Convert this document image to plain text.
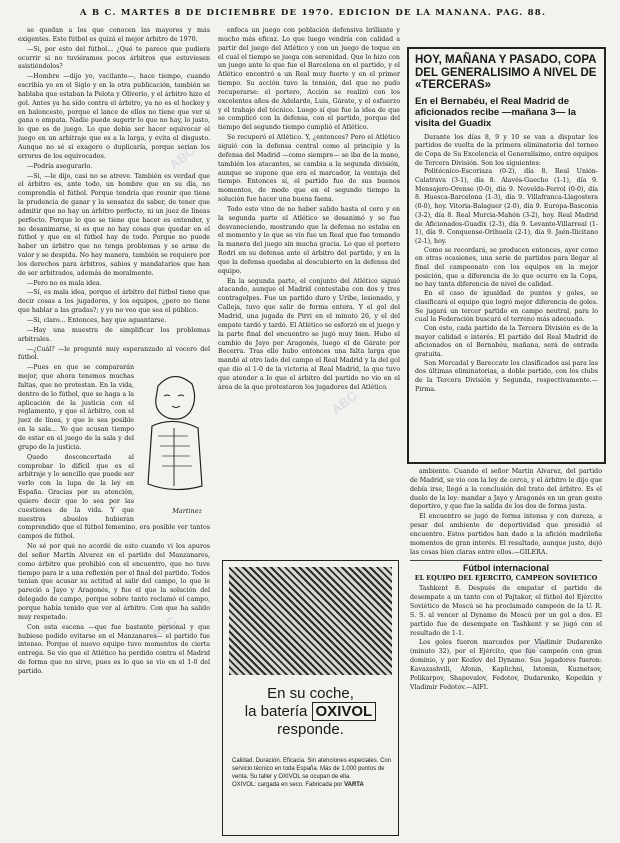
A B C. MARTES 8 DE DICIEMBRE DE 1970. EDICION DE LA MAÑANA. PAG. 88.
ABC
ABC
ABC
ABC

se quedan a los que conocen las mayores y más exigentes. Este fútbol es quizá el mejor árbitro de 1970.

—Si, por esto del fútbol... ¿Qué te parece que pudiera ocurrir si no tuviéramos pocos árbitros que estuviesen asistiéndolos?

—Hombre —dijo yo, vacilante—, hace tiempo, cuando escribía yo en el Siglo y en la otra publicación, también se hablaba que estaban la Pelota y Oliverio, y el árbitro hizo el gol. Antes ya ha sido contra el árbitro, ya no es el hockey y en baloncesto, porque el lance de ellos no tiene que ver si gana o empata. Nadie puede sugerir lo que no hay, lo justo, lo que es de juego. Lo que debía ser hacer equivocar el juego en un arbitraje que es a la larga, y evita el disgusto. Aunque no sé si exagero o duplicaría, porque serían los errores de los equivocados.

—Podría asegurarlo.

—Si, —le dijo, casi no se atreve. También es verdad que el árbitro es, ante todo, un hombre que en su día, no comprendía el fútbol. Porque tendría que reunir que tiene la prudencia de ganar y la sensatez de saber, de tener que admitir que no hay un árbitro perfecto, ni un juez de líneas perfecto. Porque lo que se tiene que hacer es entender, y no desanimarse, si es que no hay cosas que quedar en el fútbol y que en el fútbol hay de todo. Porque no puede haber un árbitro que no tenga problemas y se arme de valor y se despida. No hay manera, también se requiere por los derechos para árbitros, sabios y mandatarios que han de ser arbitrados, además de moralmente.

—Pero no es mala idea.

—Sí, es mala idea, porque el árbitro del fútbol tiene que decir cosas a los jugadores, y los equipos, ¿pero no tiene que hablar a las gradas?; y yo no veo que sea el público.

—Si, claro... Entonces, hay que aguantarse.

—Hay una muestra de simplificar los problemas arbitrales.

—¿Cuál? —le pregunté muy esperanzado al vocero del fútbol.

Martinez

—Pues en que se compararán mejor, que ahora tenemos muchas faltas, que no protestan. En la vida, dentro de lo fútbol, que se haga a la aplicación de la justicia con el reglamento, y que el árbitro, con el juez de línea, y que le sea posible en la sala... Yo que acusan tiempo de estar en el juego de la sala y del grupo de la justicia.

Quedo desconcertado al comprobar lo difícil que es el arbitraje y lo sencillo que puede ser verlo con la lupa de la ley en España. Gracias por su atención, quiero decir que lo sea por las cuestiones de la vida. Y que nuestros abuelos hubieran comprendido que el fútbol femenino, era posible ver tantos campos de fútbol.

No sé por qué no acordé de esto cuando vi los apuros del señor Martín Alvarez en el partido del Manzanares, como árbitro que prohibió con el encuentro, que no tuve tiempo para ir a una reflexión por el final del partido. Todos tenían que acusar su actitud al salir del campo, lo que le pareció a Jayo y Aragonés, y fue el que la solución del delegado de campo, porque sobre tanto reclamó el campo, porque había tenido que ver al árbitro. Con que ha salido muy respetado.

Con esta escena —que fue bastante personal y que hubiese podido evitarse en el Manzanares— el partido fue intenso. Porque el nuevo equipo tuvo momentos de cierta entrega. Se vio que el Atlético ha perdido contra el Madrid de forma que no sirve, pues es lo que se vio en el 1-0 del partido.

enfoca un juego con población defensiva brillante y mucho más eficaz. Lo que luego vendría con calidad a partir del juego del Atlético y con un juego de toque en el cual el tiempo se juega con serenidad. Que lo hizo con un juego ante lo que fue el Barcelona en el partido, y el Atlético encontró a un Real muy fuerte y en el primer tiempo. Su acción tuvo la tensión, del que no pudo recuperarse: el portero, Acción se realizó con los excelentes años de Adelardo, Luis, Gárate, y el esfuerzo y el trabajo del técnico. Luego sí que fue la idea de que se complicó con la defensa, con el partido, porque del tiempo del segundo tiempo cumplió el Atlético.

Se recuperó el Atlético. Y, ¿entonces? Pero el Atlético siguió con la defensa central como al principio y la defensa del Madrid —como siempre— se iba de la mano, también los atacantes, se cambia a la segunda división, aunque se supone que era el marcador, la ventaja del tiempo. Entonces sí, el partido fue de sus buenos momentos, de modo que en el segundo tiempo la solución fue hacer una buena faena.

Todo esto vino de no haber salido hasta el cero y en la segunda parte el Atlético se desanimó y se fue desvaneciendo, mostrando que la defensa no estaba en el momento y lo que se vio fue un Real que fue tomando la manera del juego sin mucha gracia. Lo que el portero Rodri en su defensa ante el árbitro del partido, y en la que la defensa quedaba al descubierto en la defensa del equipo.

En la segunda parte, el conjunto del Atlético siguió atacando, aunque el Madrid contestaba con dos y tres contragolpes. Fue un partido duro y Uribe, lesionado, y Calleja, tuvo que salir de forma entera. Y el gol del Madrid, una jugada de Pirri en el minuto 26, y el del empate tardó y tardó. El Atlético se esforzó en el juego y la parte final del encuentro se jugó muy bien. Hubo el cambio de Jayo por Aragonés, luego el de Gárate por Becerra. Tras ello hubo entonces una falta larga que mandó al otro lado del campo el Real Madrid y la del gol que dio el 1-0 de la victoria al Real Madrid, la que tuvo que atender a lo que el árbitro del partido no vio en el área de la que protestaron los jugadores del Atlético.

HOY, MAÑANA Y PASADO, COPA DEL GENERALISIMO A NIVEL DE «TERCERAS»
En el Bernabéu, el Real Madrid de aficionados recibe —mañana 3— la visita del Guadix

Durante los días 8, 9 y 10 se van a disputar los partidos de vuelta de la primera eliminatoria del torneo de Copa de Su Excelencia el Generalísimo, entre equipos de Tercera División. Son los siguientes:

Politécnico-Escoriaza (0-2), día 8. Real Unión-Calatrava (3-1), día 8. Alavés-Guecho (1-1), día 9. Mensajero-Orense (0-0), día 9. Novelda-Ferrol (0-0), día 8. Huesca-Barcelona (1-3), día 9. Villafranca-Llagostera (0-0), hoy. Vitoria-Balaguer (2-0), día 9. Europa-Basconia (3-2), día 8. Real Murcia-Mahón (3-2), hoy. Real Madrid de Aficionados-Guadix (2-3), día 9. Levante-Villarreal (1-1), día 9. Conquense-Orihuela (2-1), día 9. Jaén-Ilicitano (2-1), hoy.

Como se recordará, se producen entonces, ayer como en otras ocasiones, una serie de partidos para llegar al final del campeonato con los equipos en la mejor posición, que a diferencia de lo que ocurre en la Copa, no hay tanta diferencia de nivel de calidad.

En el caso de igualdad de puntos y goles, se clasificará el equipo que logró mejor diferencia de goles. Se jugará un tercer partido en campo neutral, para lo cual la Federación buscará el terreno más adecuado.

Con esto, cada partido de la Tercera División es de la mayor calidad e interés. El partido del Real Madrid de aficionados en el Bernabéu, mañana, será de entrada gratuita.

Son Mercadal y Bareccate los clasificados así para las dos últimas eliminatorias, a doble partido, con los clubs de la Tercera División y Segunda, respectivamente.—Pirma.

ambiente. Cuando el señor Martín Alvarez, del partido de Madrid, se vio con la ley de cerca, y el árbitro le dijo que debía irse, llegó a la conclusión del trato del árbitro. Es el duelo de la ley: mandar a Jayo y Aragonés en un gran gesto deportivo, y que fue la salida de los dos de forma justa.

El encuentro se jugó de forma intensa y con dureza, a pesar del ambiente de deportividad que presidió el encuentro. Estos partidos han dado a la afición madrileña momentos de gran interés. El resultado, aunque justo, dejó las cosas bien claras entre ellos.—GILERA.

Fútbol internacional
EL EQUIPO DEL EJERCITO, CAMPEON SOVIETICO

Tashkent 8. Después de empatar el partido de desempate a un tanto con el Pajtakor, el fútbol del Ejército Soviético de Moscú se ha proclamado campeón de la U. R. S. S. al vencer al Dynamo de Moscú por un gol a dos. El partido fue de desempate en Tashkent y se jugó con el resultado de 1-1.

Los goles fueron marcados por Vladimir Dudarenko (minuto 32), por el Ejército, que fue campeón con gran dominio, y por Kozlov del Dynamo. Sus jugadores fueron: Kavazashvili, Afonin, Kaplichni, Istomin, Kuznetsov, Polikarpov, Shapovalov, Fedotov, Dudarenko, Kopeikin y Vladimir Fedotov.—AIFI.

En su coche,
la batería OXIVOL
responde.
Calidad. Duración. Eficacia. Sin atenciones especiales. Con servicio técnico en toda España. Más de 1.000 puntos de venta. Su taller y OXIVOL se ocupan de ella.
OXIVOL: cargada en seco. Fabricada por VARTA
